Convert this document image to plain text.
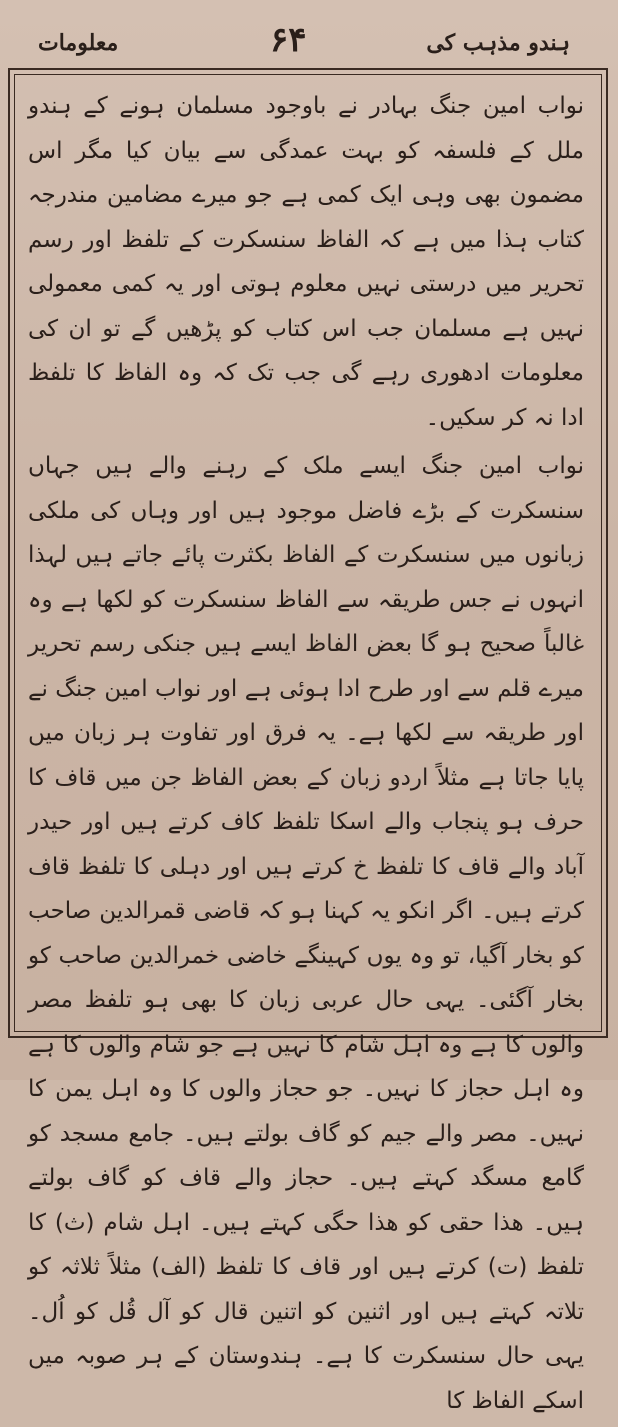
معلومات	۶۴	ہندو مذہب کی

نواب امین جنگ بہادر نے باوجود مسلمان ہونے کے ہندو ملل کے فلسفہ کو بہت عمدگی سے بیان کیا مگر اس مضمون بھی وہی ایک کمی ہے جو میرے مضامین مندرجہ کتاب ہذا میں ہے کہ الفاظ سنسکرت کے تلفظ اور رسم تحریر میں درستی نہیں معلوم ہوتی اور یہ کمی معمولی نہیں ہے مسلمان جب اس کتاب کو پڑھیں گے تو ان کی معلومات ادھوری رہے گی جب تک کہ وہ الفاظ کا تلفظ ادا نہ کر سکیں۔

نواب امین جنگ ایسے ملک کے رہنے والے ہیں جہاں سنسکرت کے بڑے فاضل موجود ہیں اور وہاں کی ملکی زبانوں میں سنسکرت کے الفاظ بکثرت پائے جاتے ہیں لہذا انہوں نے جس طریقہ سے الفاظ سنسکرت کو لکھا ہے وہ غالباً صحیح ہو گا بعض الفاظ ایسے ہیں جنکی رسم تحریر میرے قلم سے اور طرح ادا ہوئی ہے اور نواب امین جنگ نے اور طریقہ سے لکھا ہے۔ یہ فرق اور تفاوت ہر زبان میں پایا جاتا ہے مثلاً اردو زبان کے بعض الفاظ جن میں قاف کا حرف ہو پنجاب والے اسکا تلفظ کاف کرتے ہیں اور حیدر آباد والے قاف کا تلفظ خ کرتے ہیں اور دہلی کا تلفظ قاف کرتے ہیں۔ اگر انکو یہ کہنا ہو کہ قاضی قمرالدین صاحب کو بخار آگیا، تو وہ یوں کہینگے خاضی خمرالدین صاحب کو بخار آگئی۔ یہی حال عربی زبان کا بھی ہو تلفظ مصر والوں کا ہے وہ اہل شام کا نہیں ہے جو شام والوں کا ہے وہ اہل حجاز کا نہیں۔ جو حجاز والوں کا وہ اہل یمن کا نہیں۔ مصر والے جیم کو گاف بولتے ہیں۔ جامع مسجد کو گامع مسگد کہتے ہیں۔ حجاز والے قاف کو گاف بولتے ہیں۔ ھذا حقی کو ھذا حگی کہتے ہیں۔ اہل شام (ث) کا تلفظ (ت) کرتے ہیں اور قاف کا تلفظ (الف) مثلاً ثلاثہ کو تلاتہ کہتے ہیں اور اثنین کو اتنین قال کو آل قُل کو اُل۔ یہی حال سنسکرت کا ہے۔ ہندوستان کے ہر صوبہ میں اسکے الفاظ کا
